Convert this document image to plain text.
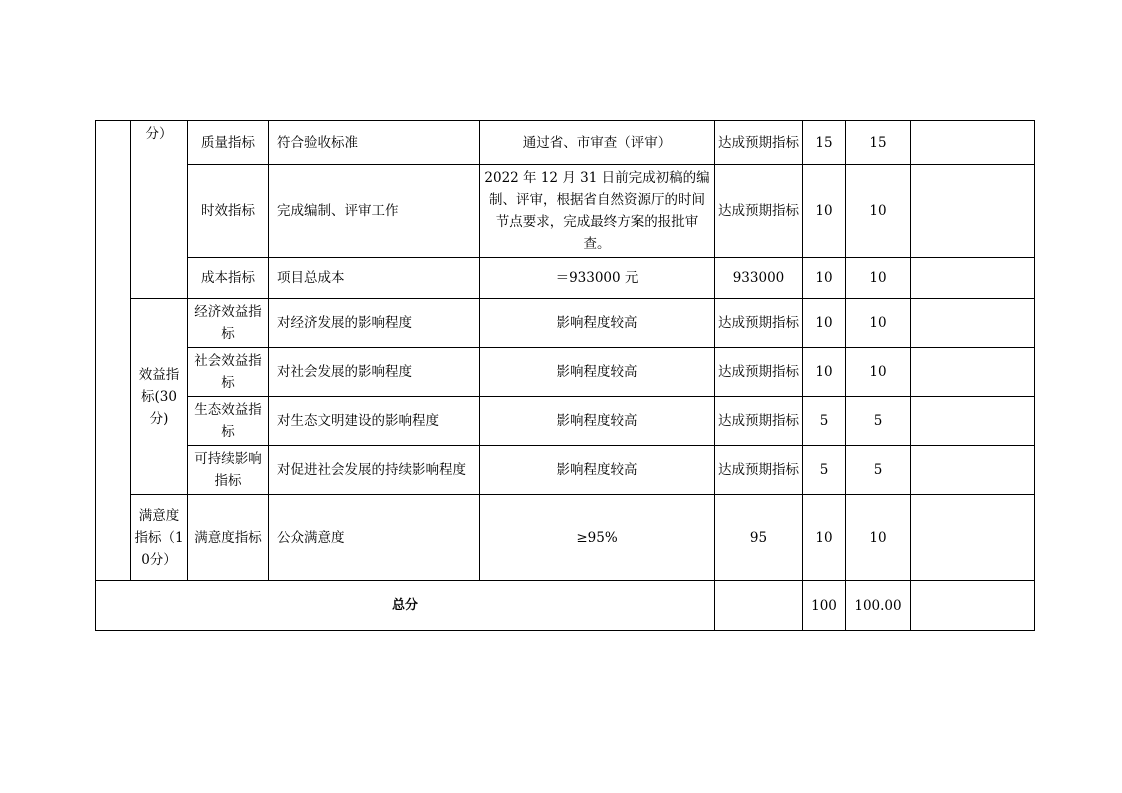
	分）	质量指标	符合验收标准	通过省、市审查（评审）	达成预期指标	15	15	
		时效指标	完成编制、评审工作	2022 年 12 月 31 日前完成初稿的编制、评审，根据省自然资源厅的时间节点要求，完成最终方案的报批审查。	达成预期指标	10	10	
		成本指标	项目总成本	＝933000 元	933000	10	10	
	效益指标(30分)	经济效益指标	对经济发展的影响程度	影响程度较高	达成预期指标	10	10	
		社会效益指标	对社会发展的影响程度	影响程度较高	达成预期指标	10	10	
		生态效益指标	对生态文明建设的影响程度	影响程度较高	达成预期指标	5	5	
		可持续影响指标	对促进社会发展的持续影响程度	影响程度较高	达成预期指标	5	5	
	满意度指标（10分）	满意度指标	公众满意度	≥95%	95	10	10	
总分						100	100.00	
